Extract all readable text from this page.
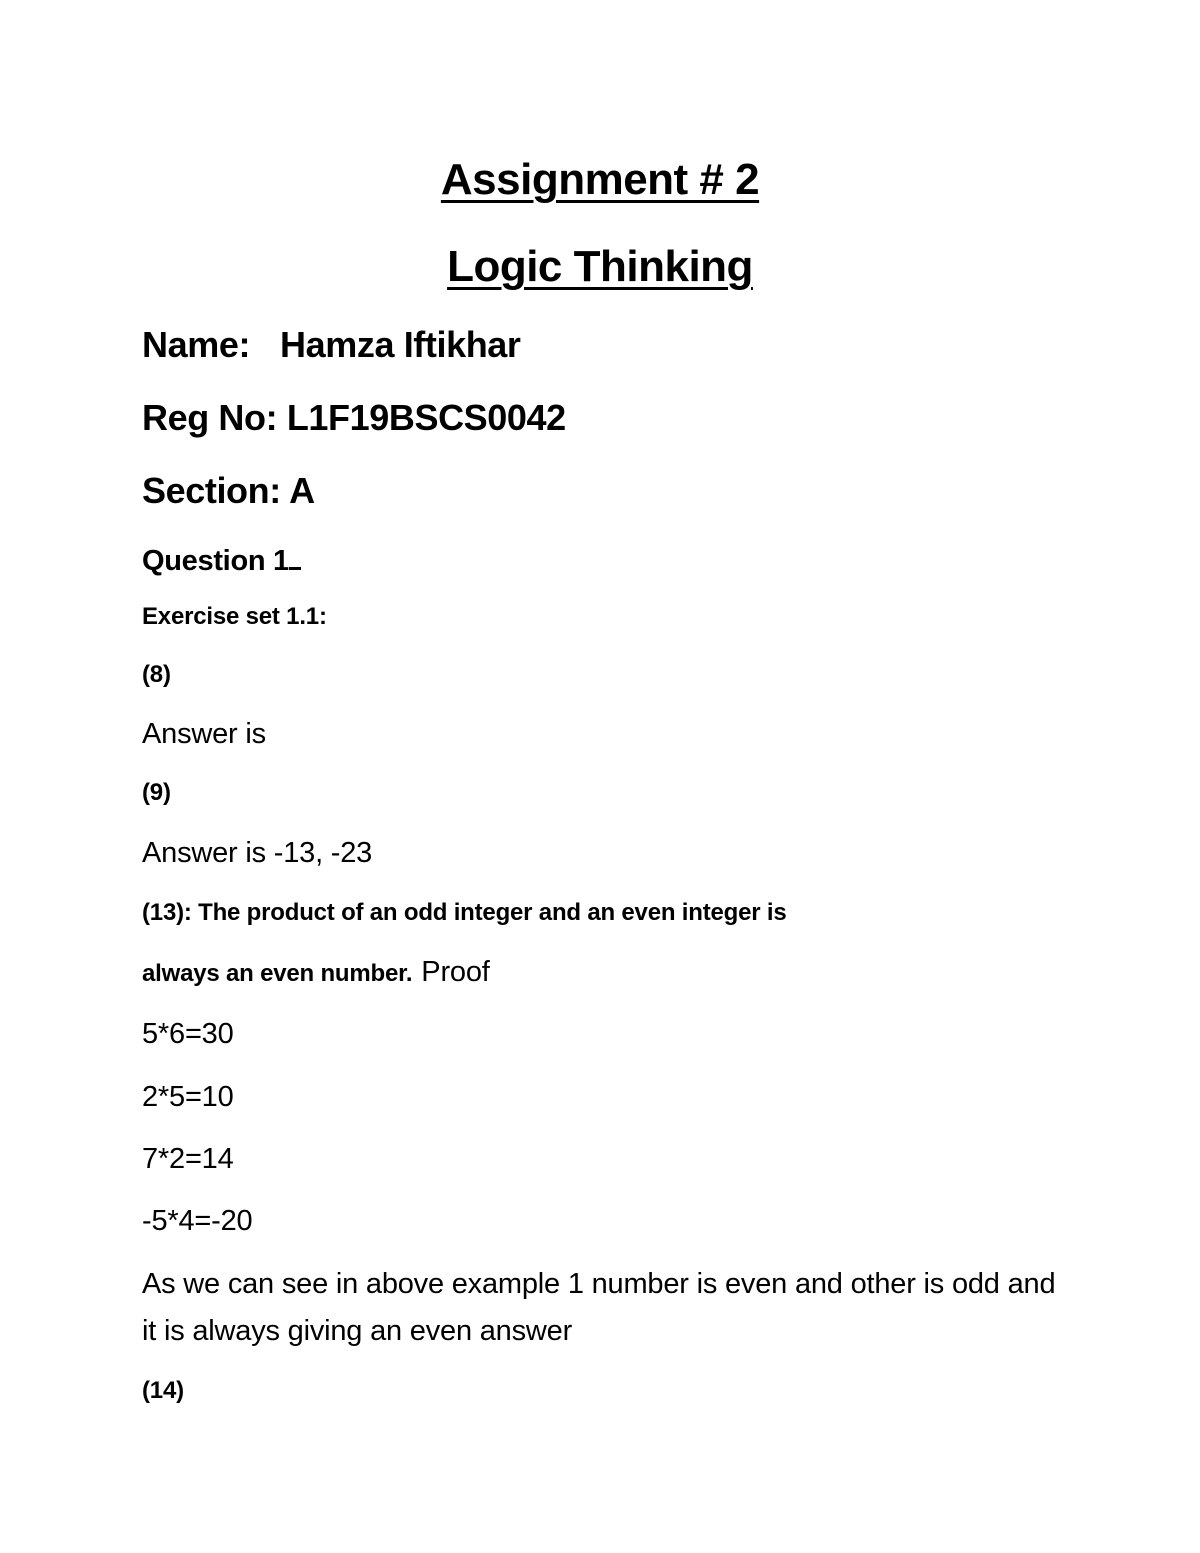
Assignment # 2
Logic Thinking
Name: Hamza Iftikhar
Reg No: L1F19BSCS0042
Section: A
Question 1
Exercise set 1.1:
(8)
Answer is
(9)
Answer is -13, -23
(13): The product of an odd integer and an even integer is
always an even number. Proof
5*6=30
2*5=10
7*2=14
-5*4=-20
As we can see in above example 1 number is even and other is odd and it is always giving an even answer
(14)
